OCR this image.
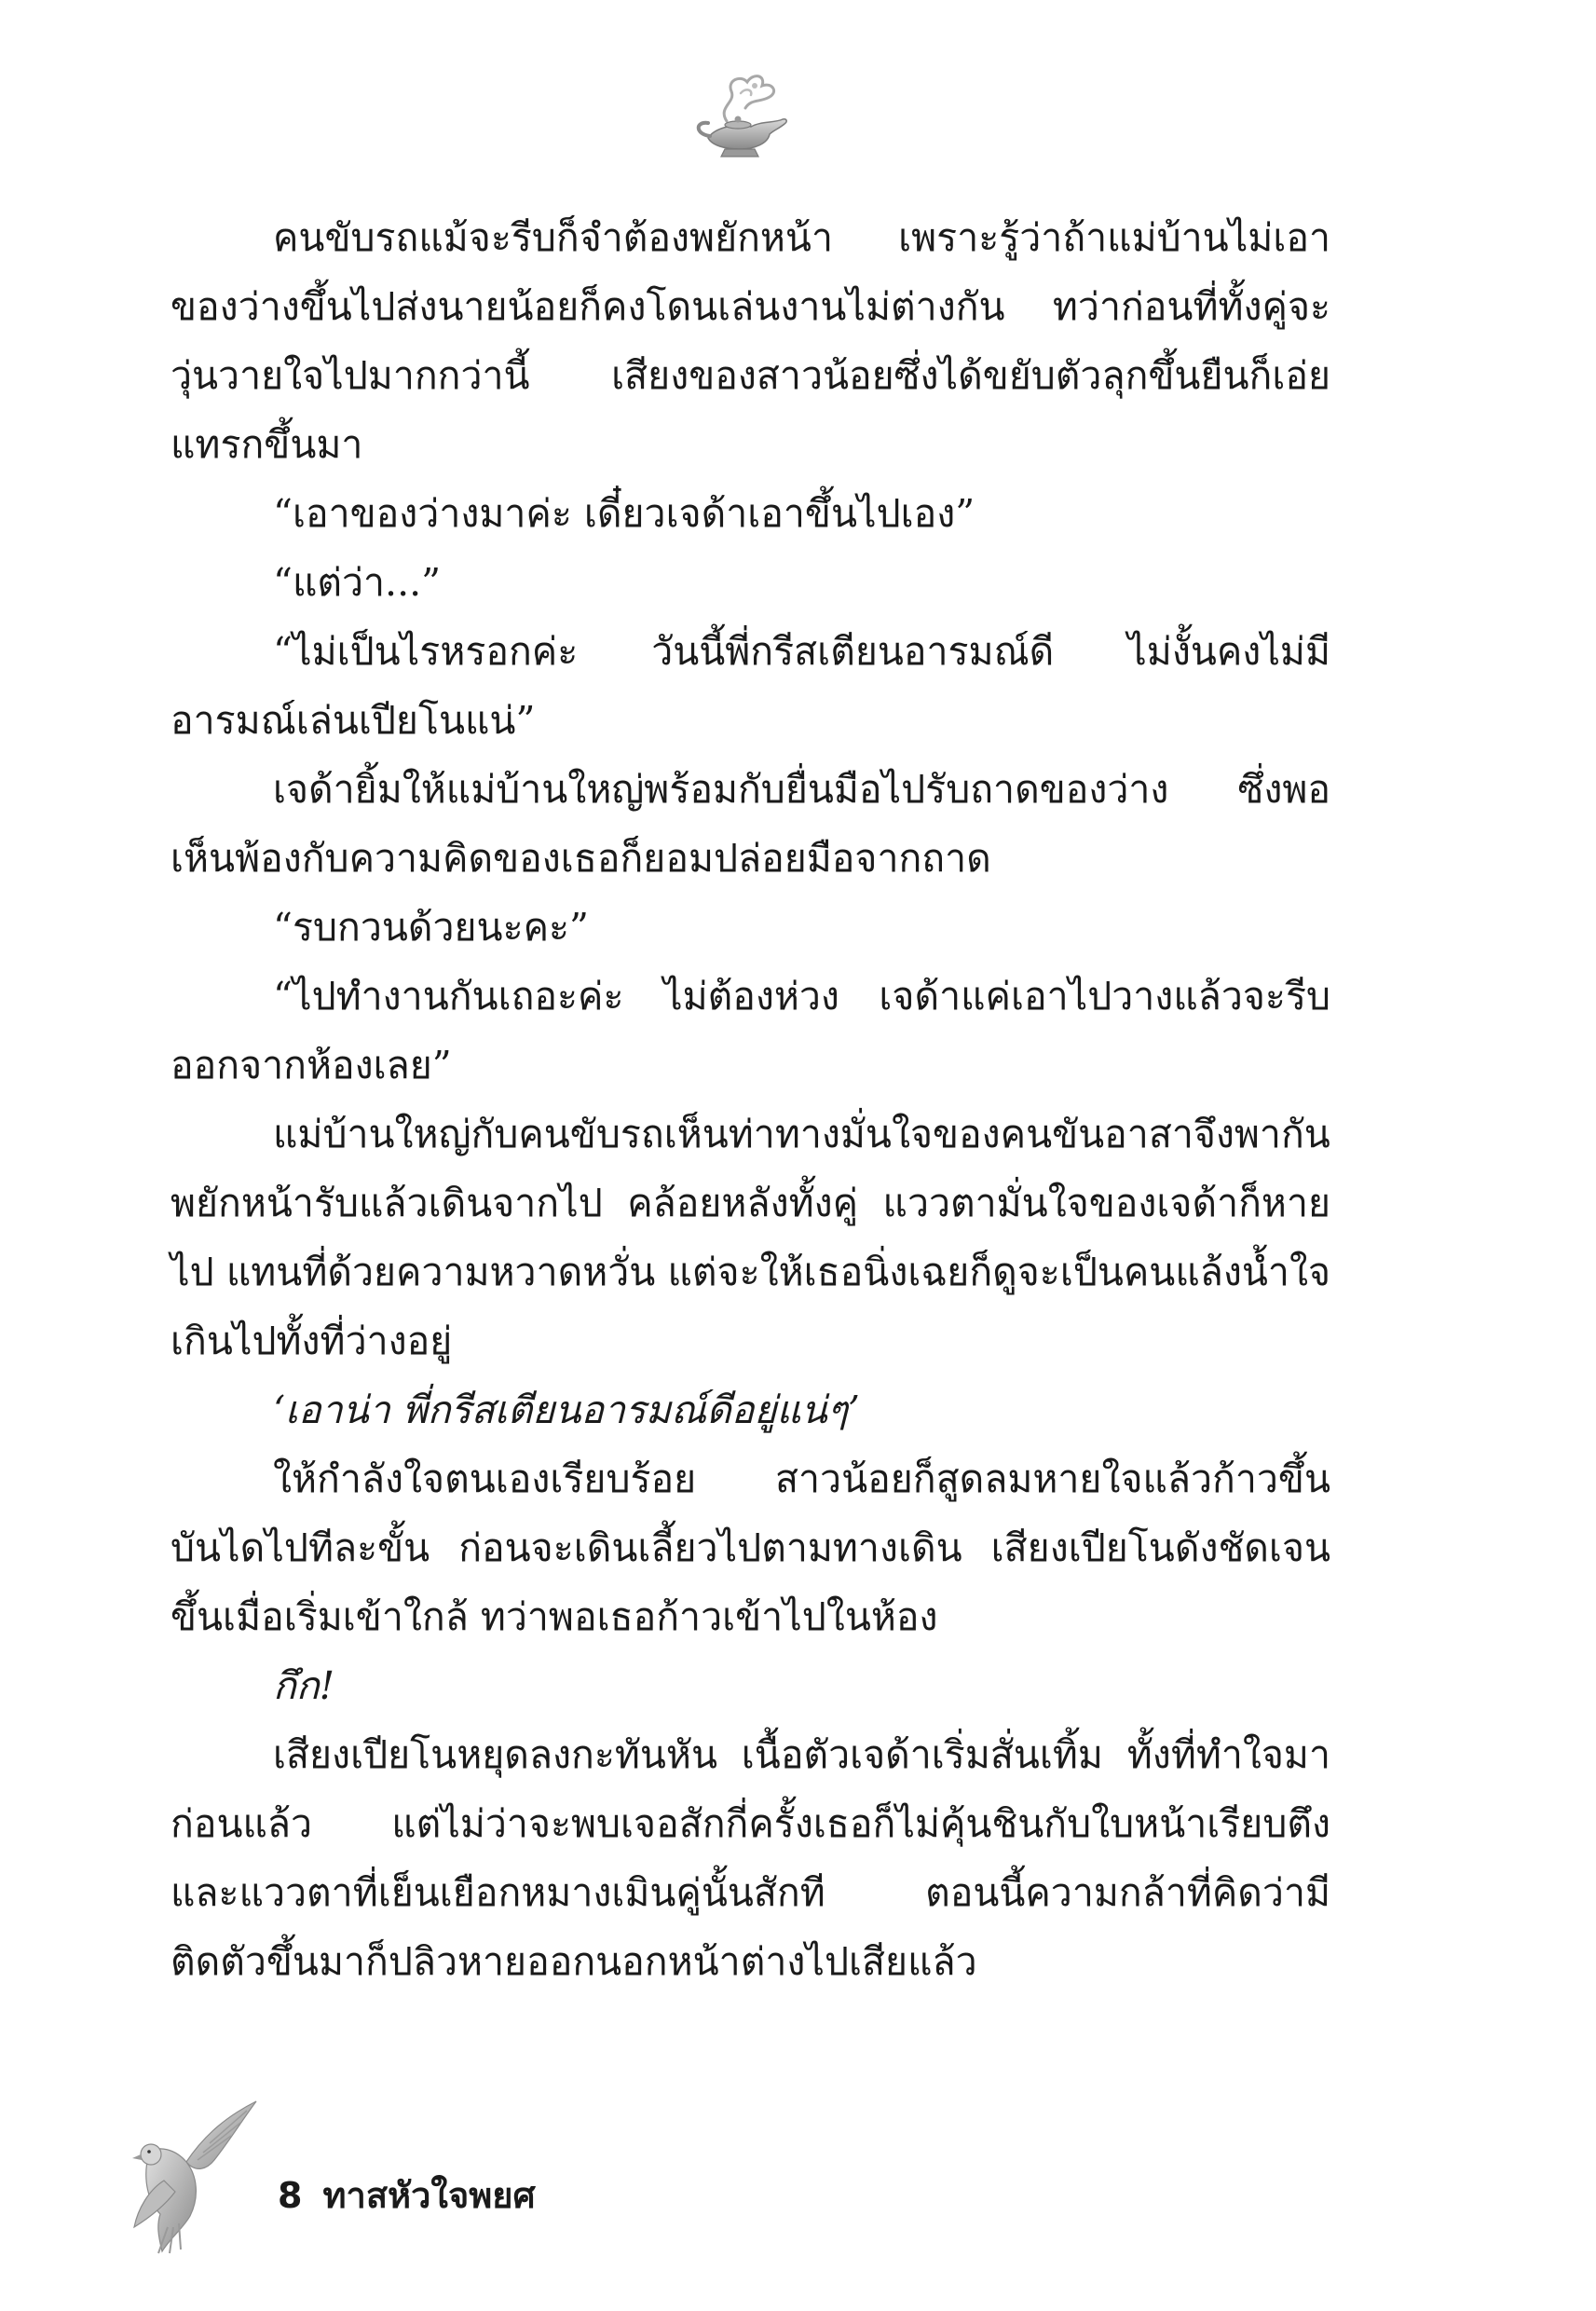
คนขับรถแม้จะรีบก็จำต้องพยักหน้า เพราะรู้ว่าถ้าแม่บ้านไม่เอาของว่างขึ้นไปส่งนายน้อยก็คงโดนเล่นงานไม่ต่างกัน ทว่าก่อนที่ทั้งคู่จะวุ่นวายใจไปมากกว่านี้ เสียงของสาวน้อยซึ่งได้ขยับตัวลุกขึ้นยืนก็เอ่ยแทรกขึ้นมา

“เอาของว่างมาค่ะ เดี๋ยวเจด้าเอาขึ้นไปเอง”

“แต่ว่า...”

“ไม่เป็นไรหรอกค่ะ วันนี้พี่กรีสเตียนอารมณ์ดี ไม่งั้นคงไม่มีอารมณ์เล่นเปียโนแน่”

เจด้ายิ้มให้แม่บ้านใหญ่พร้อมกับยื่นมือไปรับถาดของว่าง ซึ่งพอเห็นพ้องกับความคิดของเธอก็ยอมปล่อยมือจากถาด

“รบกวนด้วยนะคะ”

“ไปทำงานกันเถอะค่ะ ไม่ต้องห่วง เจด้าแค่เอาไปวางแล้วจะรีบออกจากห้องเลย”

แม่บ้านใหญ่กับคนขับรถเห็นท่าทางมั่นใจของคนขันอาสาจึงพากันพยักหน้ารับแล้วเดินจากไป คล้อยหลังทั้งคู่ แววตามั่นใจของเจด้าก็หายไป แทนที่ด้วยความหวาดหวั่น แต่จะให้เธอนิ่งเฉยก็ดูจะเป็นคนแล้งน้ำใจเกินไปทั้งที่ว่างอยู่

‘เอาน่า พี่กรีสเตียนอารมณ์ดีอยู่แน่ๆ’

ให้กำลังใจตนเองเรียบร้อย สาวน้อยก็สูดลมหายใจแล้วก้าวขึ้นบันไดไปทีละขั้น ก่อนจะเดินเลี้ยวไปตามทางเดิน เสียงเปียโนดังชัดเจนขึ้นเมื่อเริ่มเข้าใกล้ ทว่าพอเธอก้าวเข้าไปในห้อง

กึก!

เสียงเปียโนหยุดลงกะทันหัน เนื้อตัวเจด้าเริ่มสั่นเทิ้ม ทั้งที่ทำใจมาก่อนแล้ว แต่ไม่ว่าจะพบเจอสักกี่ครั้งเธอก็ไม่คุ้นชินกับใบหน้าเรียบตึงและแววตาที่เย็นเยือกหมางเมินคู่นั้นสักที ตอนนี้ความกล้าที่คิดว่ามีติดตัวขึ้นมาก็ปลิวหายออกนอกหน้าต่างไปเสียแล้ว

8 ทาสหัวใจพยศ
